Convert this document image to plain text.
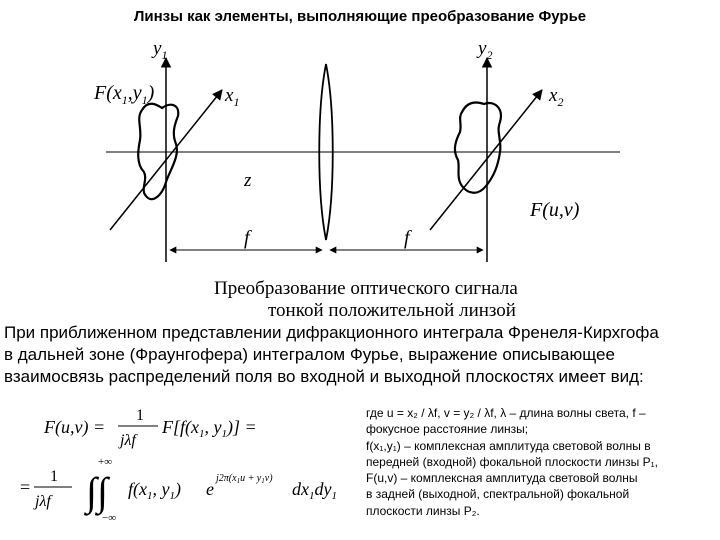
Линзы как элементы, выполняющие преобразование Фурье
$y_1$	$y_2$
$x_1$	$x_2$
$F(x_1,y_1)$
F(u,v)
z
f	f
Преобразование оптического сигнала
тонкой положительной линзой
При приближенном представлении дифракционного интеграла Френеля-Кирхгофа
в дальней зоне (Фраунгофера) интегралом Фурье, выражение описывающее
взаимосвязь распределений поля во входной и выходной плоскостях имеет вид:
F(u,v) =
1
jλf
$F[f(x_1$, $y_1$)] =
=
1
jλf
+∞
∫∫
−∞
$f(x_1$, $y_1$) e
$j2\pi(x_1u + y_1v)$
$dx_1dy_1$
где u = x₂ / λf, v = y₂ / λf, λ – длина волны света, f –
фокусное расстояние линзы;
f(x₁,y₁) – комплексная амплитуда световой волны в
передней (входной) фокальной плоскости линзы P₁,
F(u,v) – комплексная амплитуда световой волны
в задней (выходной, спектральной) фокальной
плоскости линзы P₂.
